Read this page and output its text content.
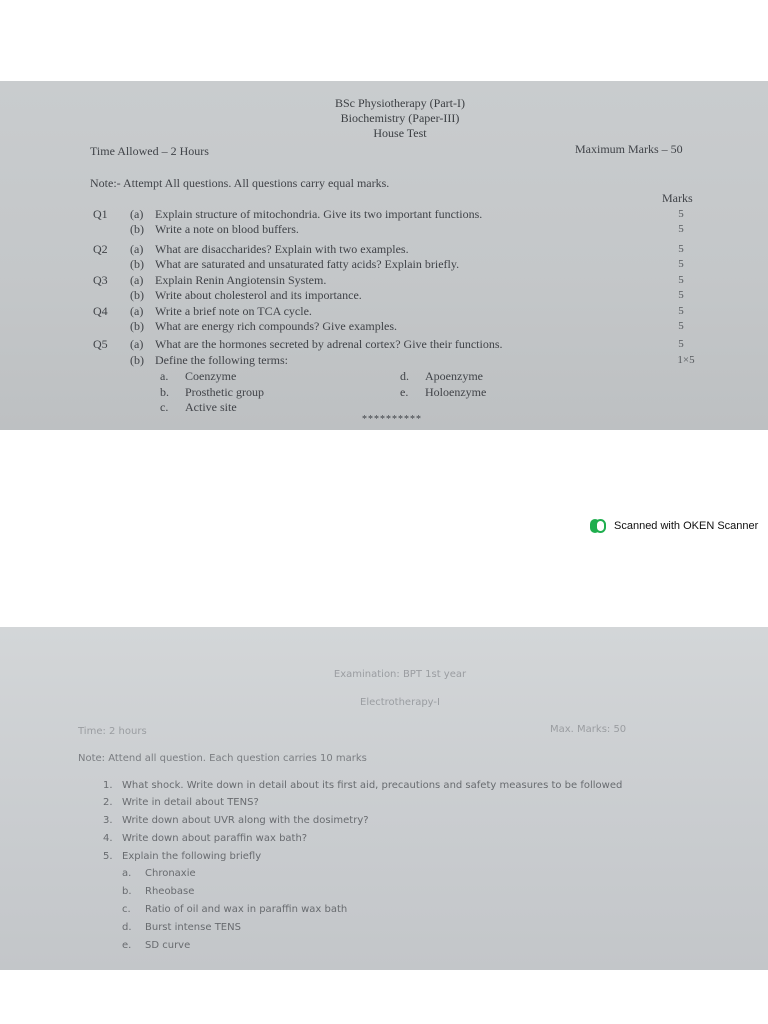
BSc Physiotherapy (Part-I)
Biochemistry (Paper-III)
House Test
Time Allowed – 2 Hours	Maximum Marks – 50
Note:- Attempt All questions. All questions carry equal marks.
Marks
Q1 (a) Explain structure of mitochondria. Give its two important functions.	5
(b) Write a note on blood buffers.	5
Q2 (a) What are disaccharides? Explain with two examples.	5
(b) What are saturated and unsaturated fatty acids? Explain briefly.	5
Q3 (a) Explain Renin Angiotensin System.	5
(b) Write about cholesterol and its importance.	5
Q4 (a) Write a brief note on TCA cycle.	5
(b) What are energy rich compounds? Give examples.	5
Q5 (a) What are the hormones secreted by adrenal cortex? Give their functions.	5
(b) Define the following terms:	1×5
a. Coenzyme
b. Prosthetic group
c. Active site
d. Apoenzyme
e. Holoenzyme
**********
Scanned with OKEN Scanner
Examination: BPT 1st year
Electrotherapy-I
Time: 2 hours	Max. Marks: 50
Note: Attend all question. Each question carries 10 marks
1. What shock. Write down in detail about its first aid, precautions and safety measures to be followed
2. Write in detail about TENS?
3. Write down about UVR along with the dosimetry?
4. Write down about paraffin wax bath?
5. Explain the following briefly
a. Chronaxie
b. Rheobase
c. Ratio of oil and wax in paraffin wax bath
d. Burst intense TENS
e. SD curve
